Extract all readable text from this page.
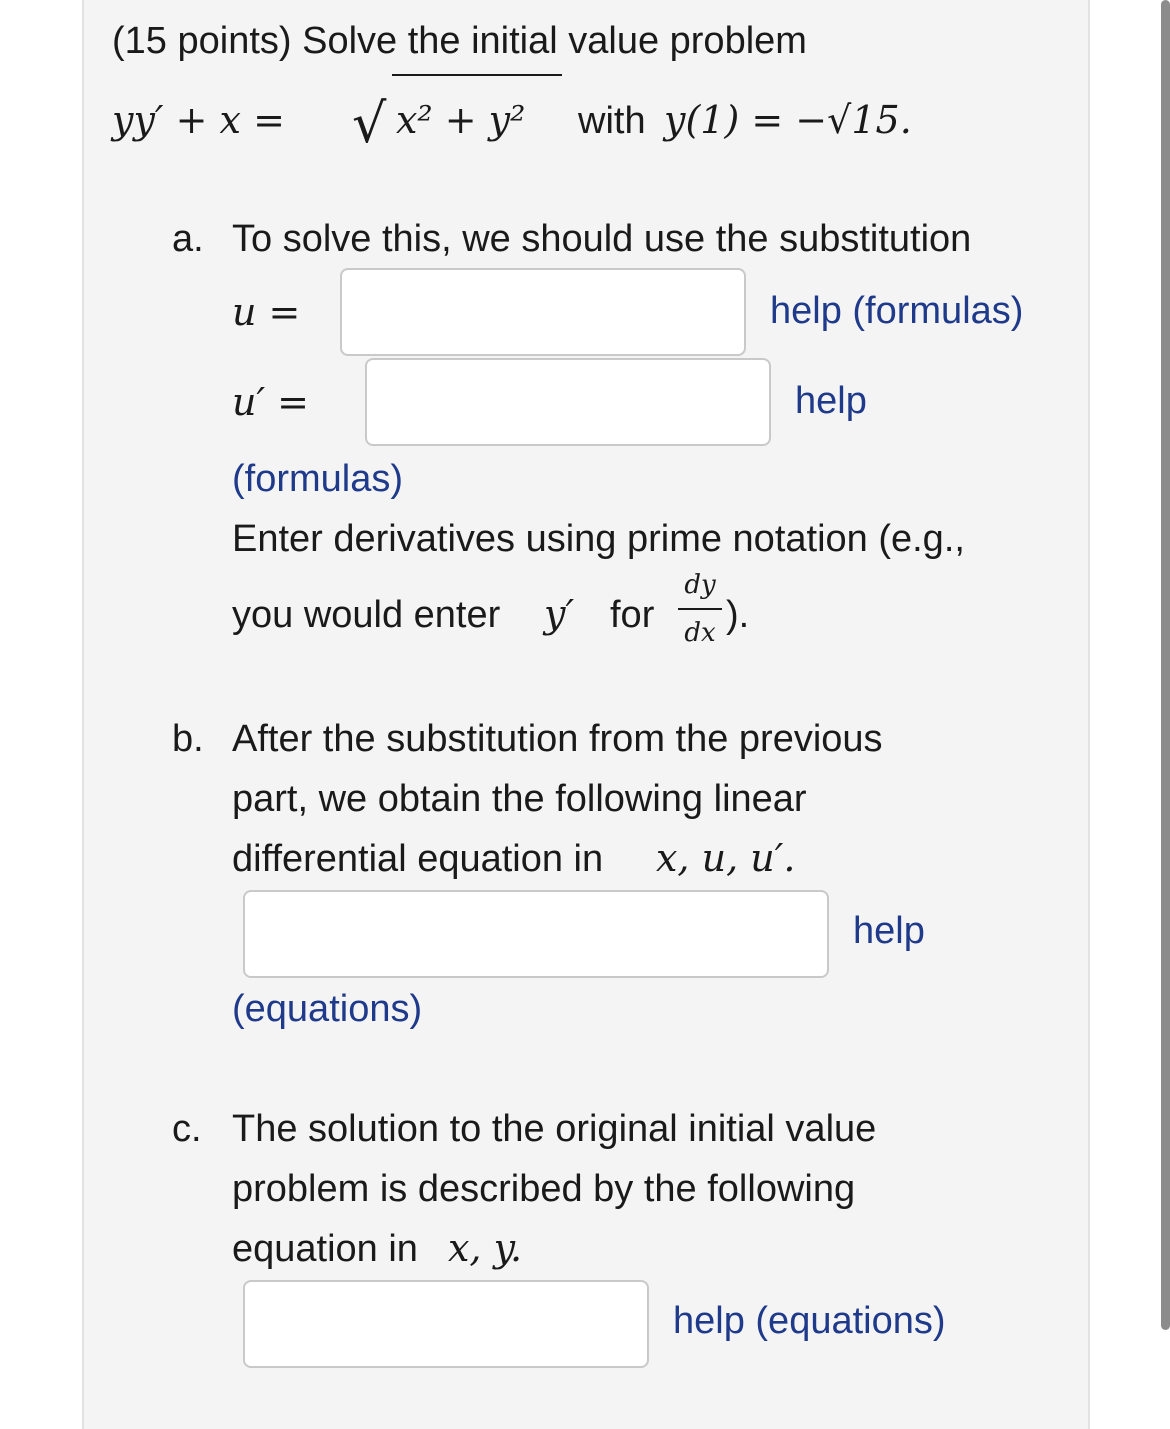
(15 points) Solve the initial value problem
yy′ + x = √ x² + y² with y(1) = −√15.
a. To solve this, we should use the substitution
u =	help (formulas)
u′ =	help
(formulas)
Enter derivatives using prime notation (e.g.,
you would enter y′ for
dy
dx ).
b. After the substitution from the previous
part, we obtain the following linear
differential equation in x, u, u′.
help
(equations)
c. The solution to the original initial value
problem is described by the following
equation in x, y.
help (equations)
